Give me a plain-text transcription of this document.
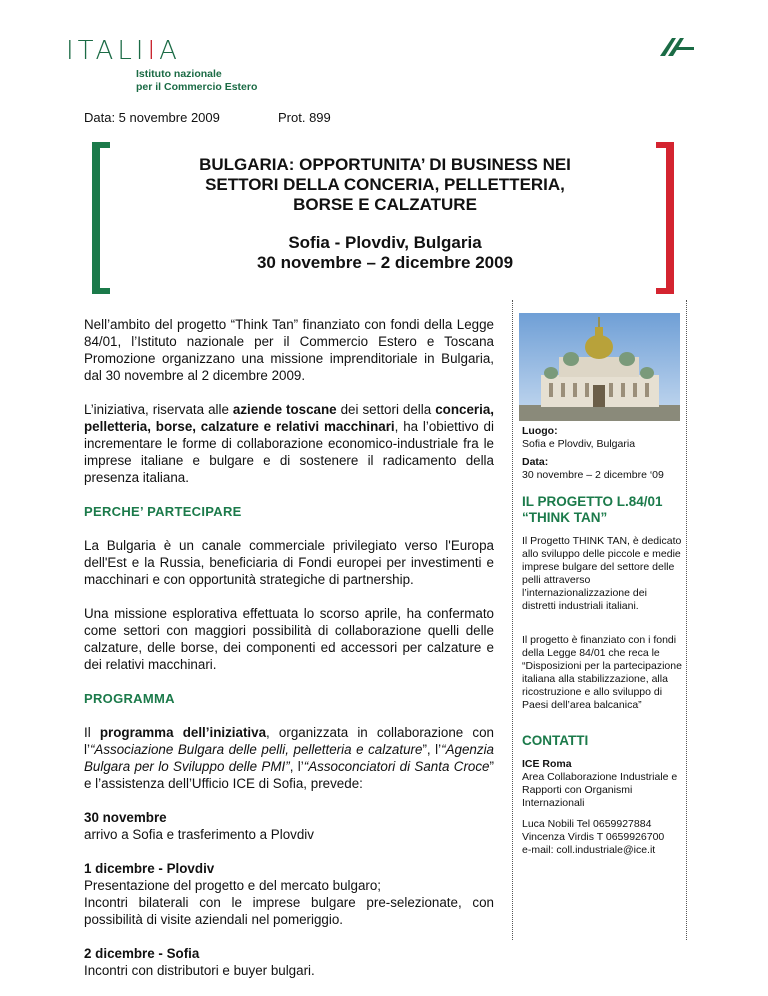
ITALIIA
Istituto nazionale
per il Commercio Estero
Data: 5 novembre 2009	Prot. 899
BULGARIA: OPPORTUNITA’ DI BUSINESS NEI
SETTORI DELLA CONCERIA, PELLETTERIA,
BORSE E CALZATURE
Sofia - Plovdiv, Bulgaria
30 novembre – 2 dicembre 2009

Nell’ambito del progetto “Think Tan” finanziato con fondi della Legge 84/01, l’Istituto nazionale per il Commercio Estero e Toscana Promozione organizzano una missione imprenditoriale in Bulgaria, dal 30 novembre al 2 dicembre 2009.

L’iniziativa, riservata alle aziende toscane dei settori della conceria, pelletteria, borse, calzature e relativi macchinari, ha l’obiettivo di incrementare le forme di collaborazione economico-industriale fra le imprese italiane e bulgare e di sostenere il radicamento della presenza italiana.

PERCHE’ PARTECIPARE

La Bulgaria è un canale commerciale privilegiato verso l'Europa dell'Est e la Russia, beneficiaria di Fondi europei per investimenti e macchinari e con opportunità strategiche di partnership.

Una missione esplorativa effettuata lo scorso aprile, ha confermato come settori con maggiori possibilità di collaborazione quelli delle calzature, delle borse, dei componenti ed accessori per calzature e dei relativi macchinari.

PROGRAMMA

Il programma dell’iniziativa, organizzata in collaborazione con l’“Associazione Bulgara delle pelli, pelletteria e calzature”, l’“Agenzia Bulgara per lo Sviluppo delle PMI”, l’“Assoconciatori di Santa Croce” e l’assistenza dell’Ufficio ICE di Sofia, prevede:

30 novembre
arrivo a Sofia e trasferimento a Plovdiv
1 dicembre - Plovdiv
Presentazione del progetto e del mercato bulgaro;

Incontri bilaterali con le imprese bulgare pre-selezionate, con possibilità di visite aziendali nel pomeriggio.
2 dicembre - Sofia
Incontri con distributori e buyer bulgari.
Luogo:
Sofia e Plovdiv, Bulgaria
Data:
30 novembre – 2 dicembre ‘09
IL PROGETTO L.84/01 “THINK TAN”
Il Progetto THINK TAN, è dedicato allo sviluppo delle piccole e medie imprese bulgare del settore delle pelli attraverso l’internazionalizzazione dei distretti industriali italiani.
Il progetto è finanziato con i fondi della Legge 84/01 che reca le “Disposizioni per la partecipazione italiana alla stabilizzazione, alla ricostruzione e allo sviluppo di Paesi dell’area balcanica”
CONTATTI
ICE Roma
Area Collaborazione Industriale e Rapporti con Organismi Internazionali
Luca Nobili Tel 0659927884
Vincenza Virdis T 0659926700
e-mail: coll.industriale@ice.it
